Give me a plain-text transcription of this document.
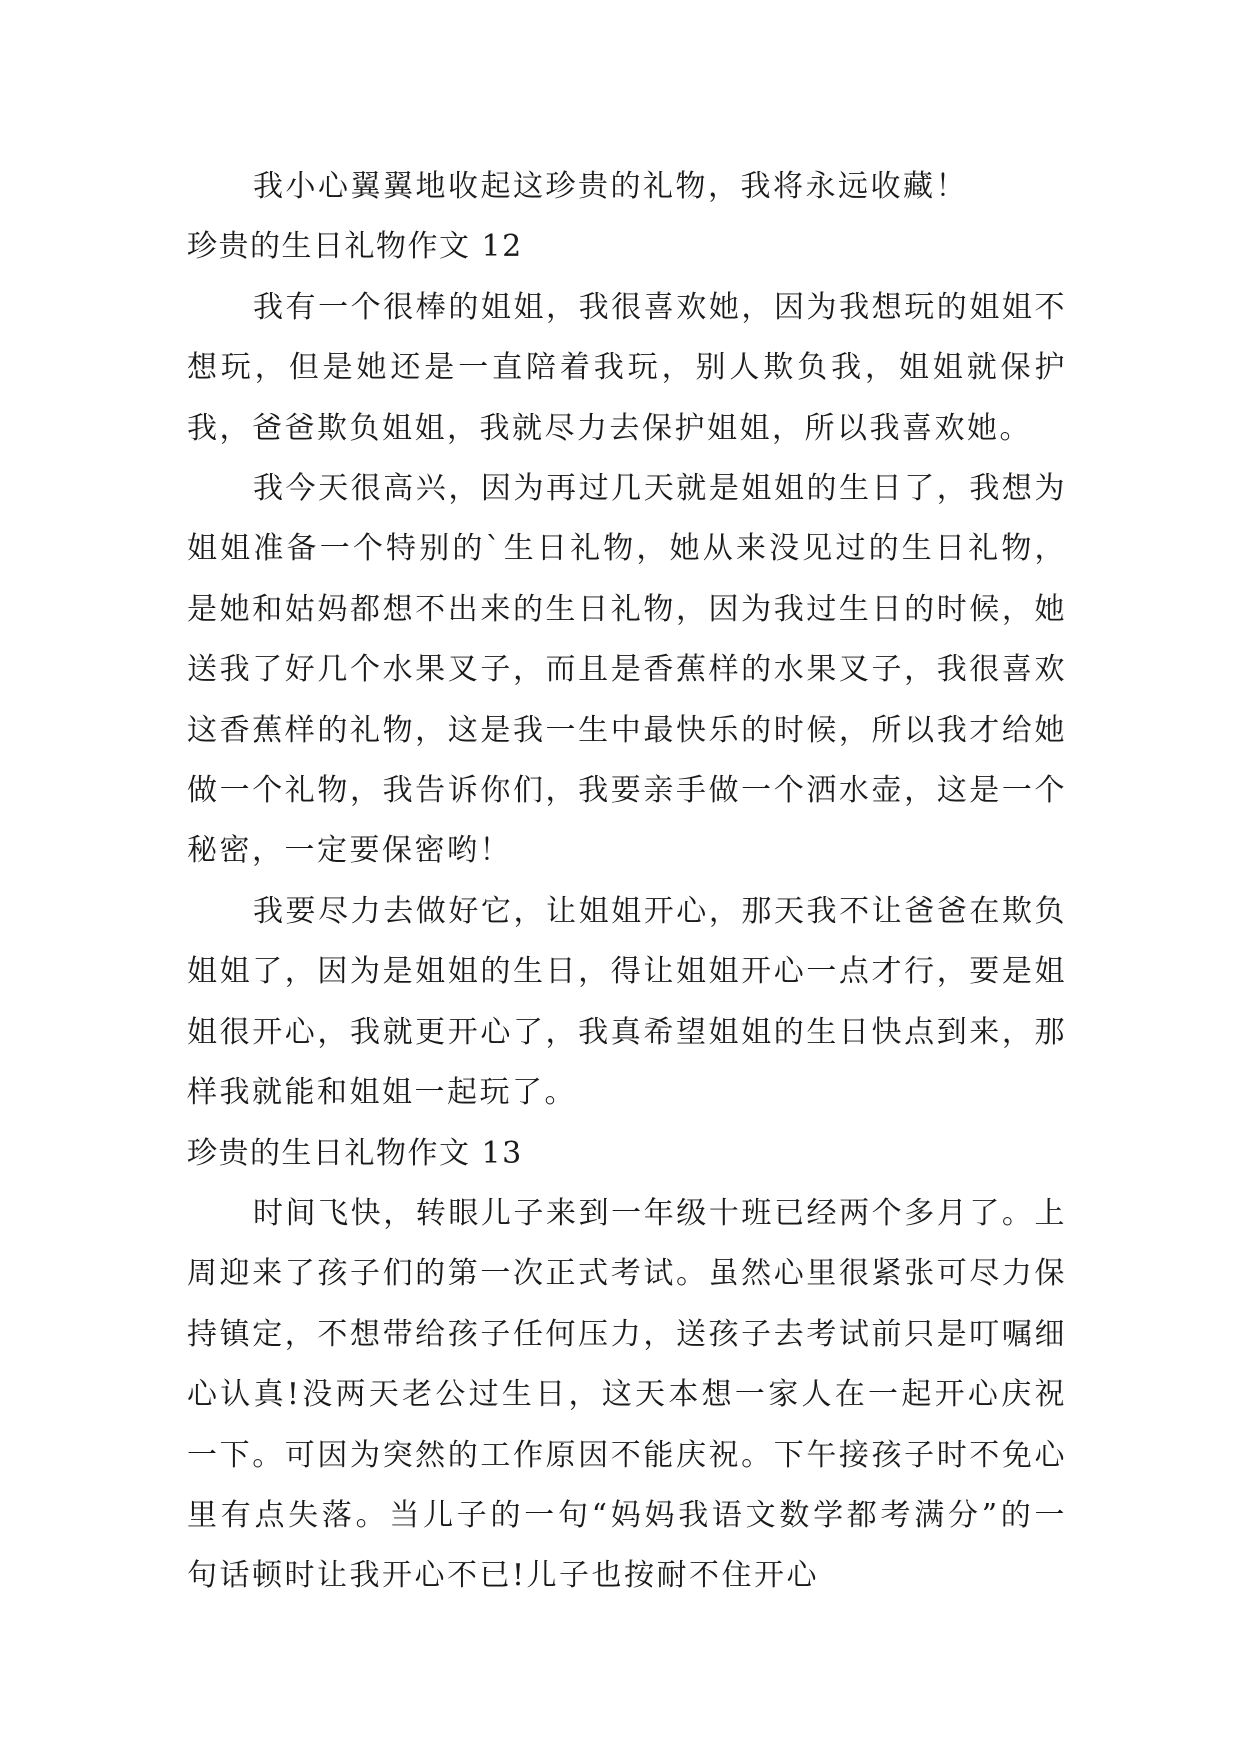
我小心翼翼地收起这珍贵的礼物，我将永远收藏！

珍贵的生日礼物作文 12

我有一个很棒的姐姐，我很喜欢她，因为我想玩的姐姐不想玩，但是她还是一直陪着我玩，别人欺负我，姐姐就保护我，爸爸欺负姐姐，我就尽力去保护姐姐，所以我喜欢她。

我今天很高兴，因为再过几天就是姐姐的生日了，我想为姐姐准备一个特别的`生日礼物，她从来没见过的生日礼物，是她和姑妈都想不出来的生日礼物，因为我过生日的时候，她送我了好几个水果叉子，而且是香蕉样的水果叉子，我很喜欢这香蕉样的礼物，这是我一生中最快乐的时候，所以我才给她做一个礼物，我告诉你们，我要亲手做一个洒水壶，这是一个秘密，一定要保密哟！

我要尽力去做好它，让姐姐开心，那天我不让爸爸在欺负姐姐了，因为是姐姐的生日，得让姐姐开心一点才行，要是姐姐很开心，我就更开心了，我真希望姐姐的生日快点到来，那样我就能和姐姐一起玩了。

珍贵的生日礼物作文 13

时间飞快，转眼儿子来到一年级十班已经两个多月了。上周迎来了孩子们的第一次正式考试。虽然心里很紧张可尽力保持镇定，不想带给孩子任何压力，送孩子去考试前只是叮嘱细心认真!没两天老公过生日，这天本想一家人在一起开心庆祝一下。可因为突然的工作原因不能庆祝。下午接孩子时不免心里有点失落。当儿子的一句“妈妈我语文数学都考满分”的一句话顿时让我开心不已!儿子也按耐不住开心
